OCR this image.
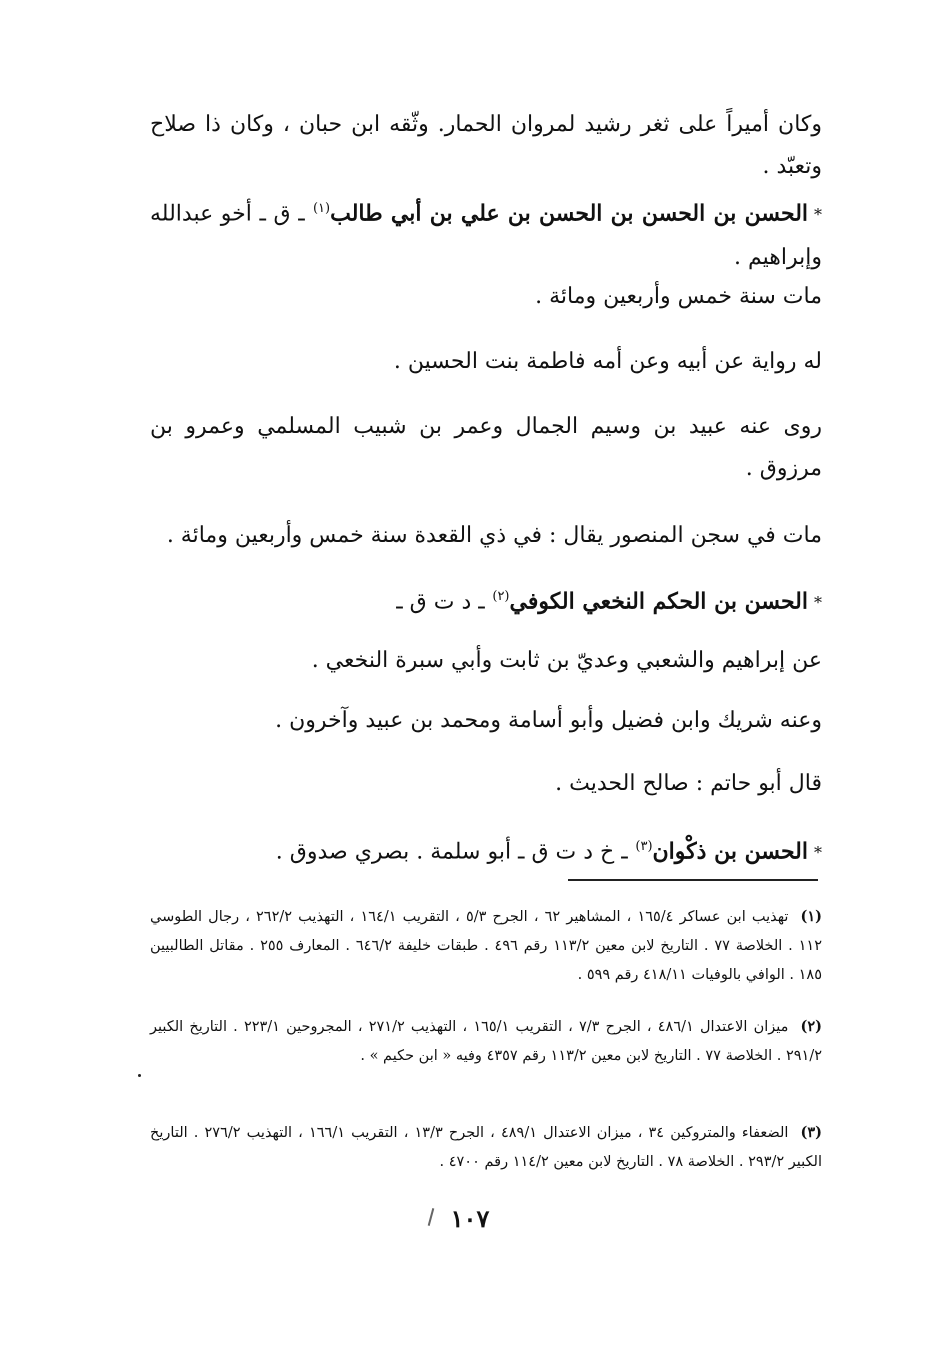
وكان أميراً على ثغر رشيد لمروان الحمار. وثّقه ابن حبان ، وكان ذا صلاح وتعبّد .
*الحسن بن الحسن بن الحسن بن علي بن أبي طالب$^{(١)}$ ـ ق ـ أخو عبدالله وإبراهيم .
مات سنة خمس وأربعين ومائة .
له رواية عن أبيه وعن أمه فاطمة بنت الحسين .
روى عنه عبيد بن وسيم الجمال وعمر بن شبيب المسلمي وعمرو بن مرزوق .
مات في سجن المنصور يقال : في ذي القعدة سنة خمس وأربعين ومائة .
*الحسن بن الحكم النخعي الكوفي$^{(٢)}$ ـ د ت ق ـ
عن إبراهيم والشعبي وعديّ بن ثابت وأبي سبرة النخعي .
وعنه شريك وابن فضيل وأبو أسامة ومحمد بن عبيد وآخرون .
قال أبو حاتم : صالح الحديث .
*الحسن بن ذكْوان$^{(٣)}$ ـ خ د ت ق ـ أبو سلمة . بصري صدوق .
(١)تهذيب ابن عساكر ١٦٥/٤ ، المشاهير ٦٢ ، الجرح ٥/٣ ، التقريب ١٦٤/١ ، التهذيب ٢٦٢/٢ ، رجال الطوسي ١١٢ . الخلاصة ٧٧ . التاريخ لابن معين ١١٣/٢ رقم ٤٩٦ . طبقات خليفة ٦٤٦/٢ . المعارف ٢٥٥ . مقاتل الطالبيين ١٨٥ . الوافي بالوفيات ٤١٨/١١ رقم ٥٩٩ .
(٢)ميزان الاعتدال ٤٨٦/١ ، الجرح ٧/٣ ، التقريب ١٦٥/١ ، التهذيب ٢٧١/٢ ، المجروحين ٢٢٣/١ . التاريخ الكبير ٢٩١/٢ . الخلاصة ٧٧ . التاريخ لابن معين ١١٣/٢ رقم ٤٣٥٧ وفيه « ابن حكيم » .
(٣)الضعفاء والمتروكين ٣٤ ، ميزان الاعتدال ٤٨٩/١ ، الجرح ١٣/٣ ، التقريب ١٦٦/١ ، التهذيب ٢٧٦/٢ . التاريخ الكبير ٢٩٣/٢ . الخلاصة ٧٨ . التاريخ لابن معين ١١٤/٢ رقم ٤٧٠٠ .
١٠٧
